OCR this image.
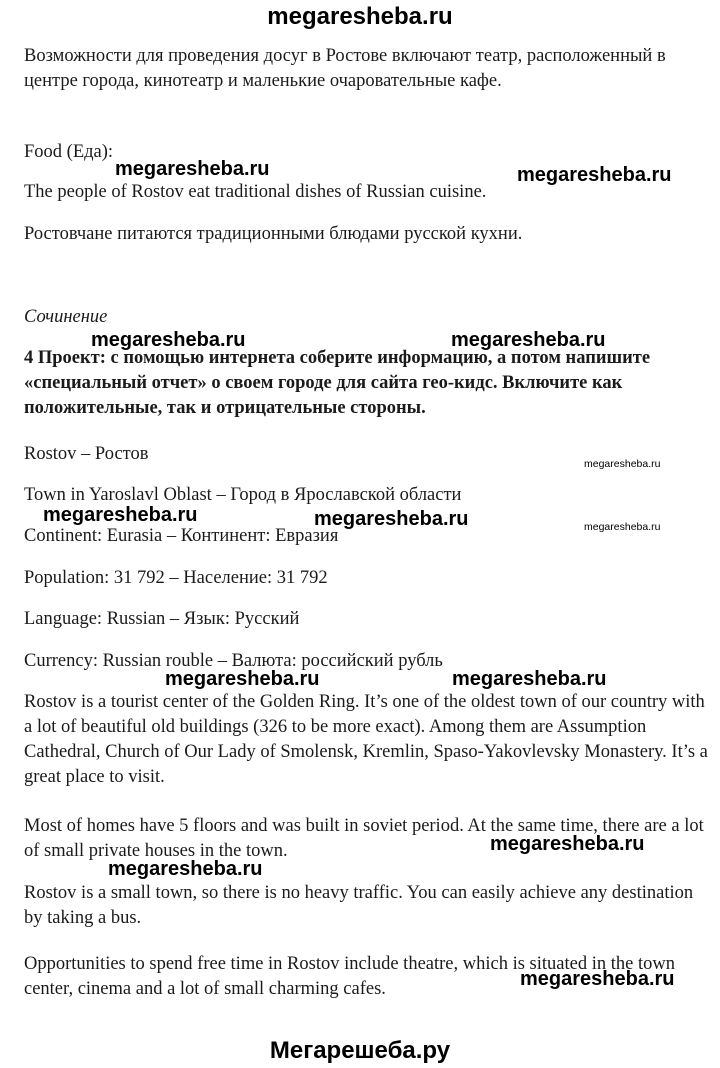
megaresheba.ru

Возможности для проведения досуг в Ростове включают театр, расположенный в центре города, кинотеатр и маленькие очаровательные кафе.

Food (Еда):

The people of Rostov eat traditional dishes of Russian cuisine.

Ростовчане питаются традиционными блюдами русской кухни.

Сочинение

4 Проект: с помощью интернета соберите информацию, а потом напишите «специальный отчет» о своем городе для сайта гео-кидс. Включите как положительные, так и отрицательные стороны.

Rostov – Ростов

Town in Yaroslavl Oblast – Город в Ярославской области

Continent: Eurasia – Континент: Евразия

Population: 31 792 – Население: 31 792

Language: Russian – Язык: Русский

Currency: Russian rouble – Валюта: российский рубль

Rostov is a tourist center of the Golden Ring. It’s one of the oldest town of our country with a lot of beautiful old buildings (326 to be more exact). Among them are Assumption Cathedral, Church of Our Lady of Smolensk, Kremlin, Spaso-Yakovlevsky Monastery. It’s a great place to visit.

Most of homes have 5 floors and was built in soviet period. At the same time, there are a lot of small private houses in the town.

Rostov is a small town, so there is no heavy traffic. You can easily achieve any destination by taking a bus.

Opportunities to spend free time in Rostov include theatre, which is situated in the town center, cinema and a lot of small charming cafes.

megaresheba.ru	megaresheba.ru
megaresheba.ru	megaresheba.ru
megaresheba.ru	megaresheba.ru
megaresheba.ru	megaresheba.ru
megaresheba.ru
megaresheba.ru
megaresheba.ru
megaresheba.ru
megaresheba.ru
Мегарешеба.ру
